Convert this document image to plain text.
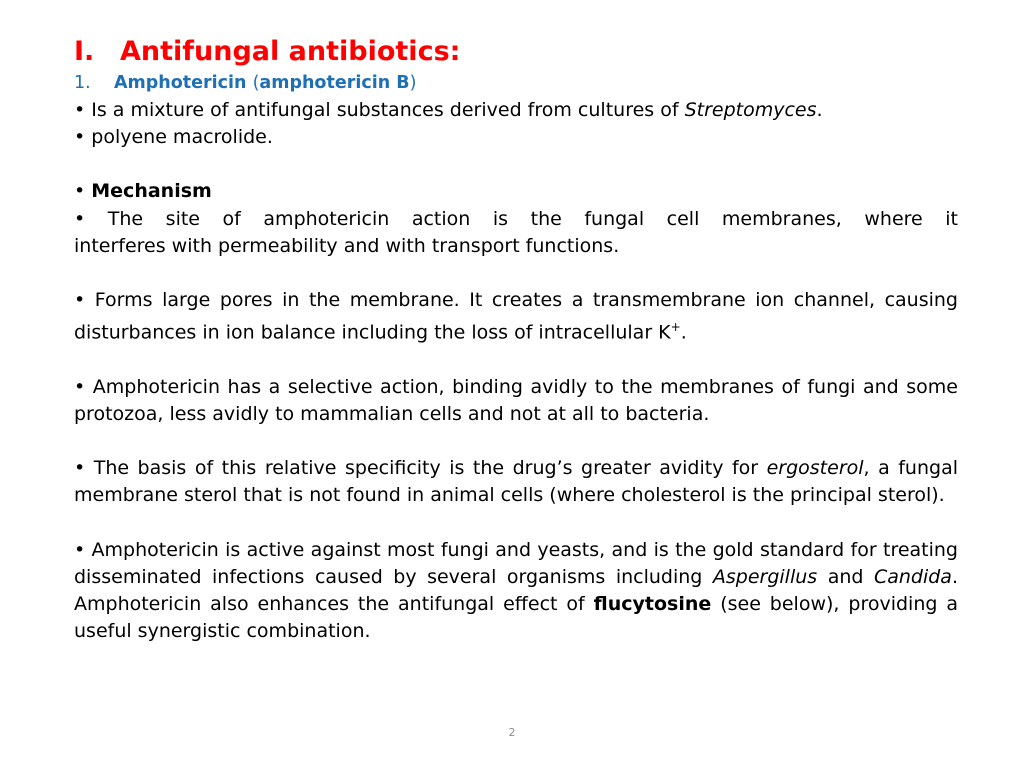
I. Antifungal antibiotics:

1. Amphotericin (amphotericin B)

• Is a mixture of antifungal substances derived from cultures of Streptomyces.

• polyene macrolide.

• Mechanism

• The site of amphotericin action is the fungal cell membranes, where it

interferes with permeability and with transport functions.

• Forms large pores in the membrane. It creates a transmembrane ion channel, causing disturbances in ion balance including the loss of intracellular K+.

• Amphotericin has a selective action, binding avidly to the membranes of fungi and some protozoa, less avidly to mammalian cells and not at all to bacteria.

• The basis of this relative specificity is the drug’s greater avidity for ergosterol, a fungal membrane sterol that is not found in animal cells (where cholesterol is the principal sterol).

• Amphotericin is active against most fungi and yeasts, and is the gold standard for treating disseminated infections caused by several organisms including Aspergillus and Candida. Amphotericin also enhances the antifungal effect of flucytosine (see below), providing a useful synergistic combination.

2
